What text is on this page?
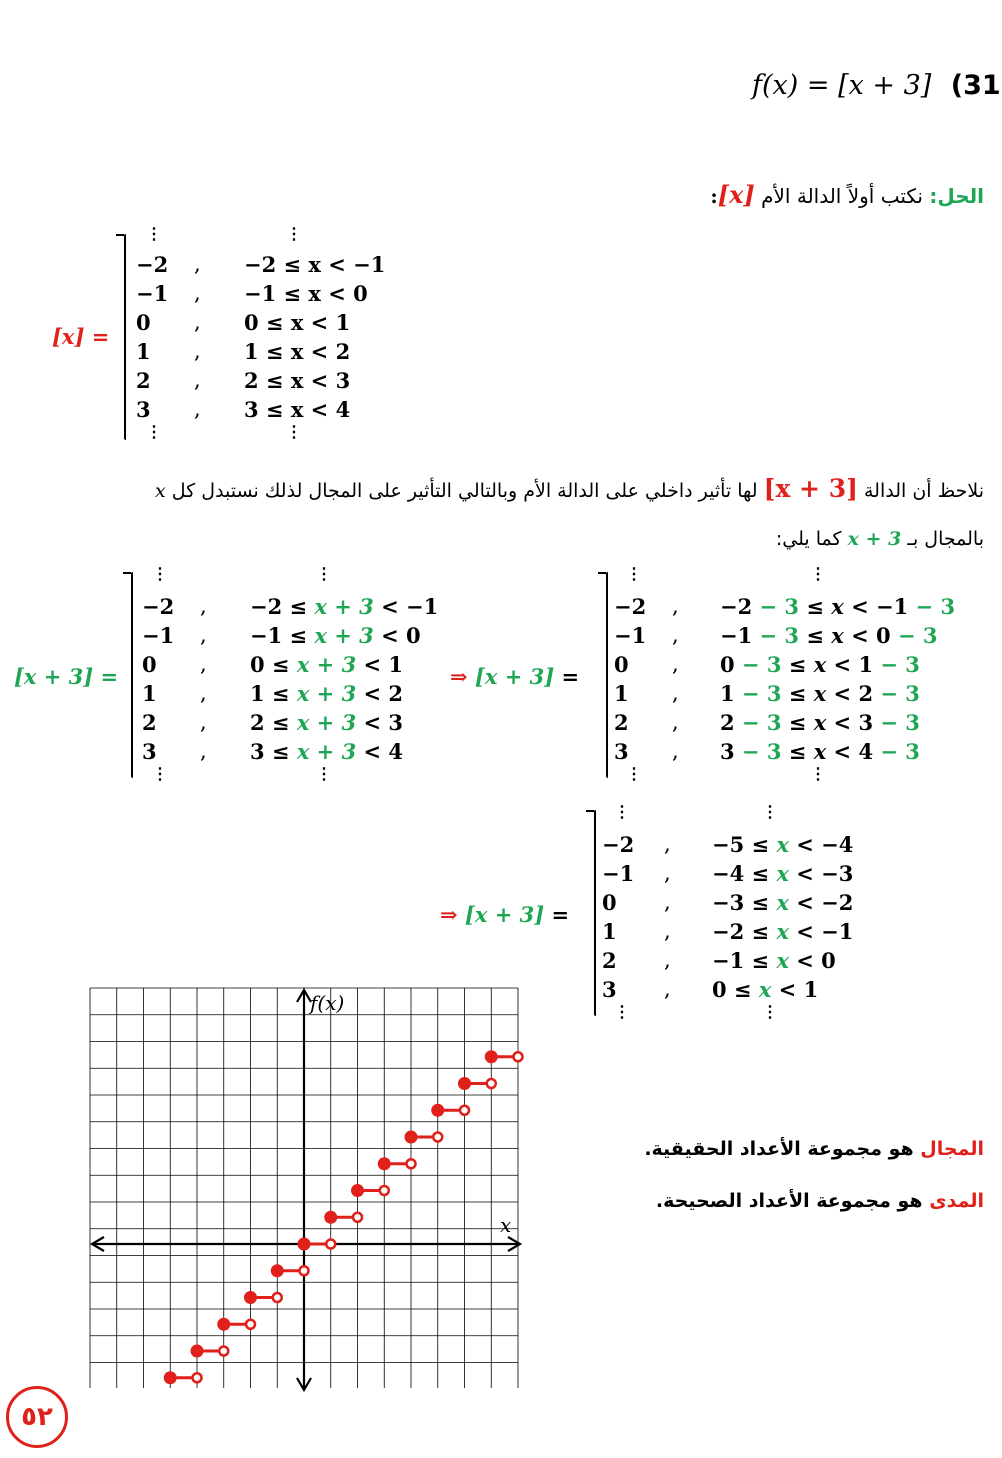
f(x) = [x + 3] (31
الحل: نكتب أولاً الدالة الأم [x]:
[x] =
⋮	⋮
−2 , −2 ≤ x < −1
−1 , −1 ≤ x < 0
0 , 0 ≤ x < 1
1 , 1 ≤ x < 2
2 , 2 ≤ x < 3
3 , 3 ≤ x < 4
⋮	⋮
نلاحظ أن الدالة [x + 3] لها تأثير داخلي على الدالة الأم وبالتالي التأثير على المجال لذلك نستبدل كل x
بالمجال بـ x + 3 كما يلي:
[x + 3] =
⋮	⋮
−2 , −2 ≤ x + 3 < −1
−1 , −1 ≤ x + 3 < 0
0 , 0 ≤ x + 3 < 1
1 , 1 ≤ x + 3 < 2
2 , 2 ≤ x + 3 < 3
3 , 3 ≤ x + 3 < 4
⋮	⋮
⇒ [x + 3] =
⋮	⋮
−2 , −2 − 3 ≤ x < −1 − 3
−1 , −1 − 3 ≤ x < 0 − 3
0 , 0 − 3 ≤ x < 1 − 3
1 , 1 − 3 ≤ x < 2 − 3
2 , 2 − 3 ≤ x < 3 − 3
3 , 3 − 3 ≤ x < 4 − 3
⋮	⋮
⇒ [x + 3] =
⋮	⋮
−2 , −5 ≤ x < −4
−1 , −4 ≤ x < −3
0 , −3 ≤ x < −2
1 , −2 ≤ x < −1
2 , −1 ≤ x < 0
3 , 0 ≤ x < 1
⋮	⋮
f(x)
x
المجال هو مجموعة الأعداد الحقيقية.
المدى هو مجموعة الأعداد الصحيحة.
٥٢
